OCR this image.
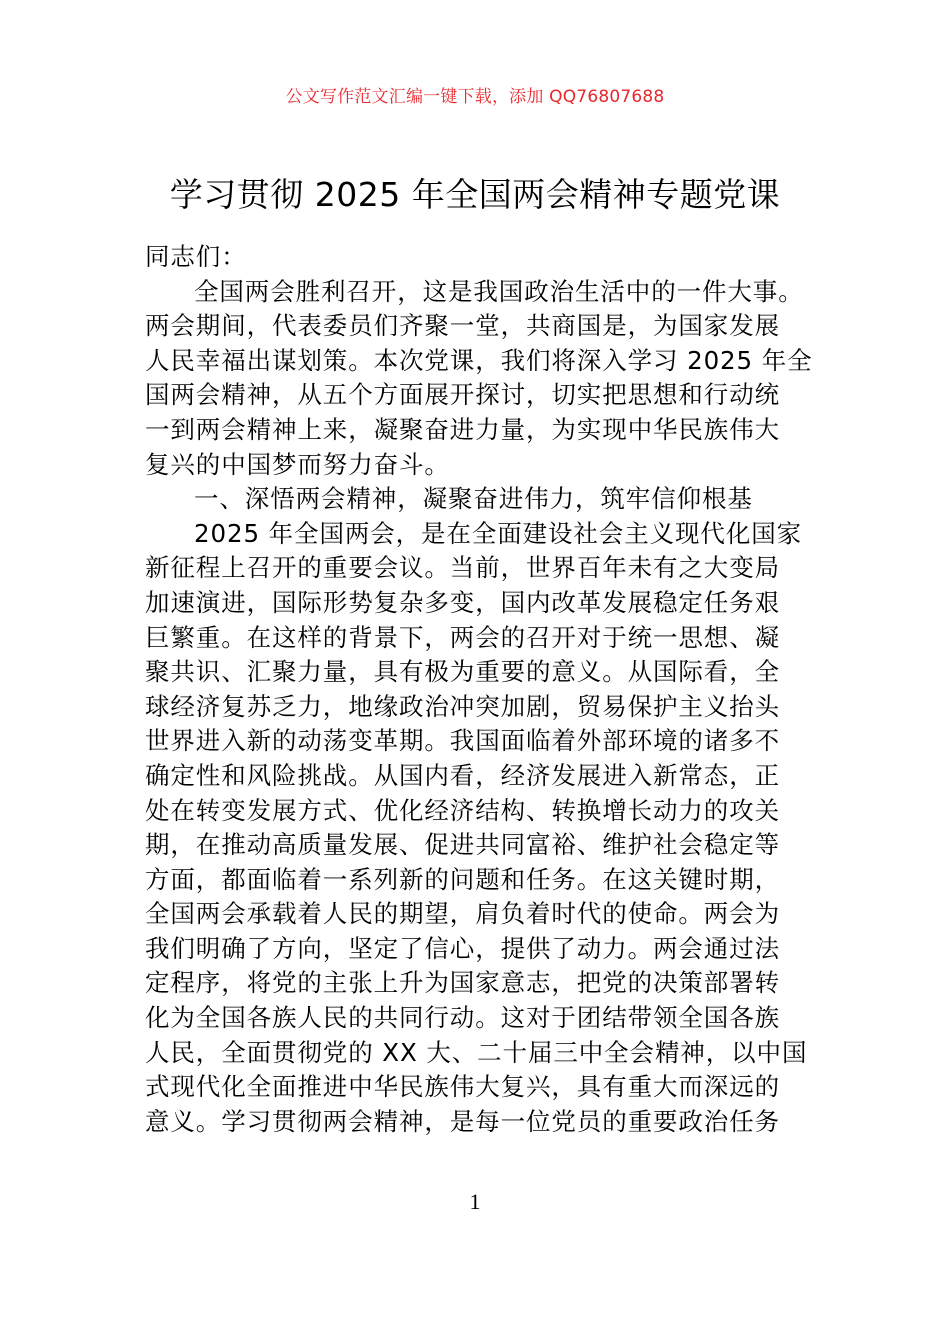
公文写作范文汇编一键下载，添加 QQ76807688
学习贯彻 2025 年全国两会精神专题党课
同志们：
全国两会胜利召开，这是我国政治生活中的一件大事。
两会期间，代表委员们齐聚一堂，共商国是，为国家发展
人民幸福出谋划策。本次党课，我们将深入学习 2025 年全
国两会精神，从五个方面展开探讨，切实把思想和行动统
一到两会精神上来，凝聚奋进力量，为实现中华民族伟大
复兴的中国梦而努力奋斗。
一、深悟两会精神，凝聚奋进伟力，筑牢信仰根基
2025 年全国两会，是在全面建设社会主义现代化国家
新征程上召开的重要会议。当前，世界百年未有之大变局
加速演进，国际形势复杂多变，国内改革发展稳定任务艰
巨繁重。在这样的背景下，两会的召开对于统一思想、凝
聚共识、汇聚力量，具有极为重要的意义。从国际看，全
球经济复苏乏力，地缘政治冲突加剧，贸易保护主义抬头
世界进入新的动荡变革期。我国面临着外部环境的诸多不
确定性和风险挑战。从国内看，经济发展进入新常态，正
处在转变发展方式、优化经济结构、转换增长动力的攻关
期，在推动高质量发展、促进共同富裕、维护社会稳定等
方面，都面临着一系列新的问题和任务。在这关键时期，
全国两会承载着人民的期望，肩负着时代的使命。两会为
我们明确了方向，坚定了信心，提供了动力。两会通过法
定程序，将党的主张上升为国家意志，把党的决策部署转
化为全国各族人民的共同行动。这对于团结带领全国各族
人民，全面贯彻党的 XX 大、二十届三中全会精神，以中国
式现代化全面推进中华民族伟大复兴，具有重大而深远的
意义。学习贯彻两会精神，是每一位党员的重要政治任务
1
